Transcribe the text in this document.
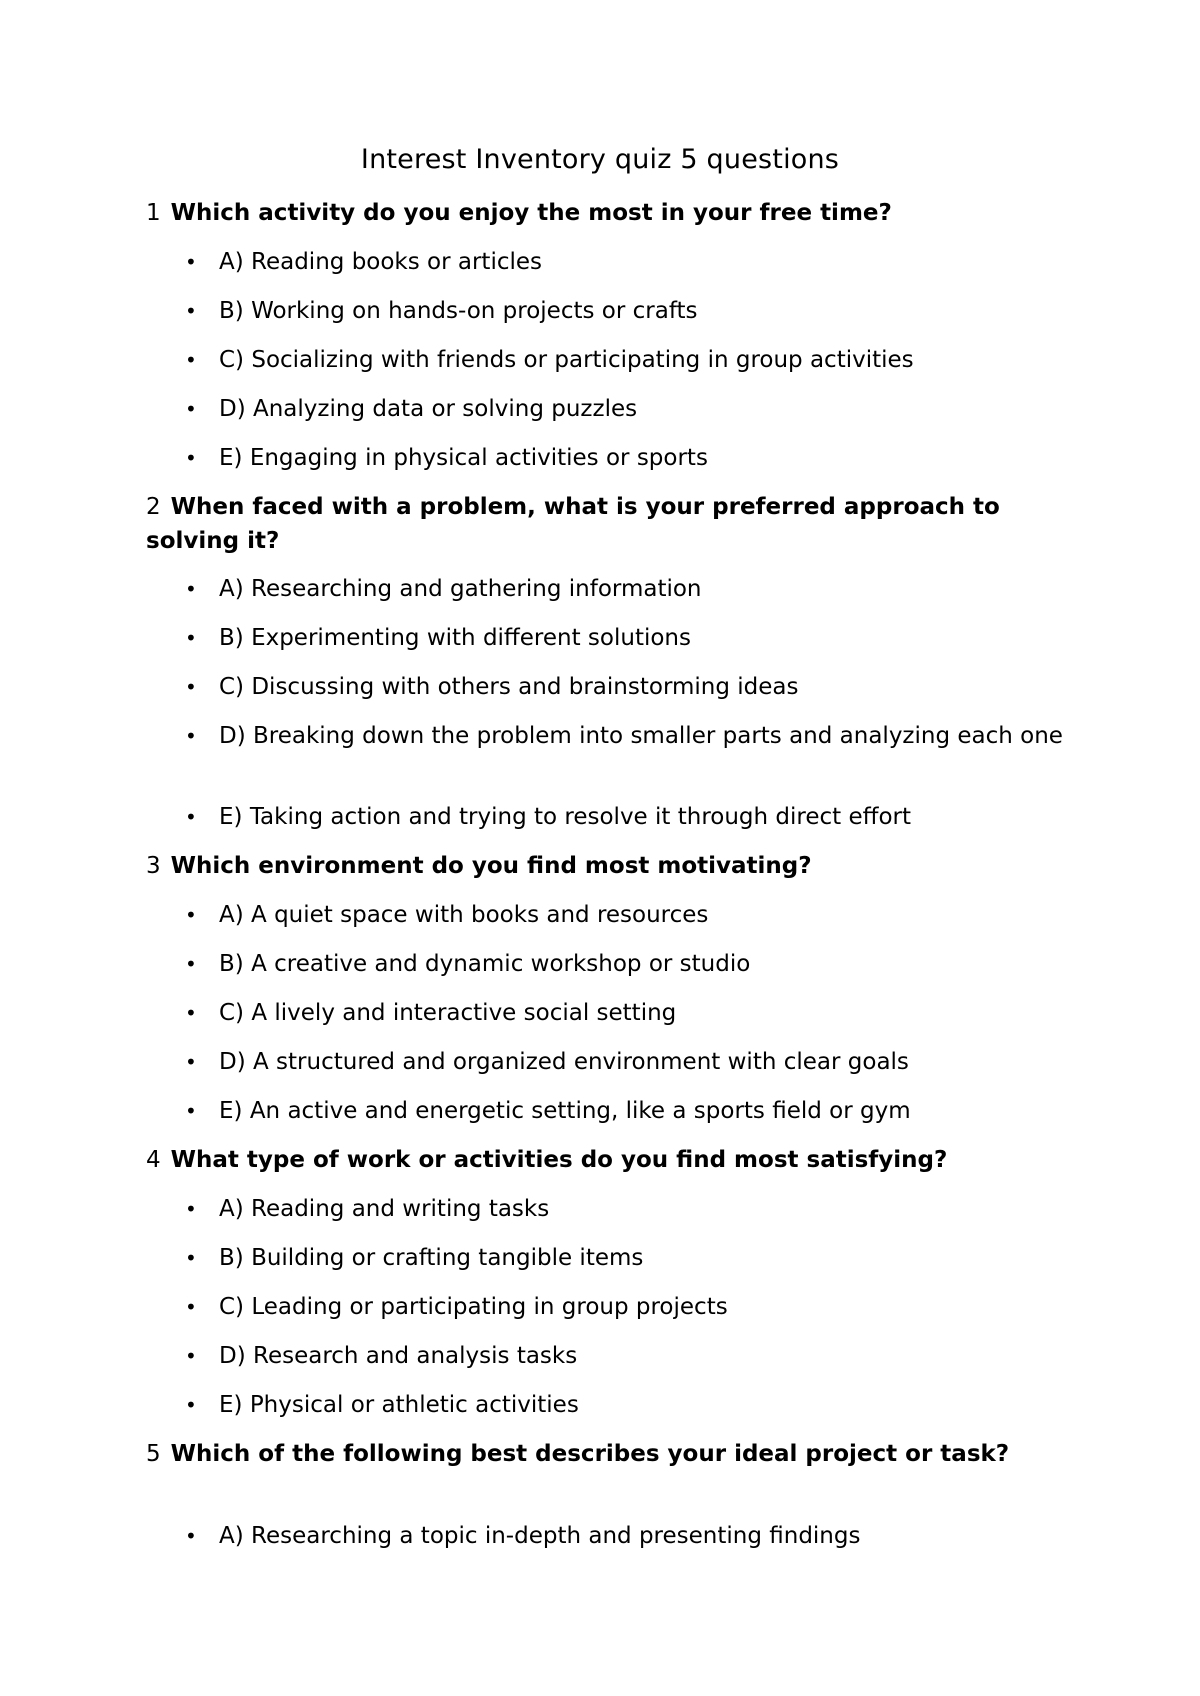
Interest Inventory quiz 5 questions

1 Which activity do you enjoy the most in your free time?

• A) Reading books or articles

• B) Working on hands-on projects or crafts

• C) Socializing with friends or participating in group activities

• D) Analyzing data or solving puzzles

• E) Engaging in physical activities or sports

2 When faced with a problem, what is your preferred approach to solving it?

• A) Researching and gathering information

• B) Experimenting with different solutions

• C) Discussing with others and brainstorming ideas

• D) Breaking down the problem into smaller parts and analyzing each one

• E) Taking action and trying to resolve it through direct effort

3 Which environment do you find most motivating?

• A) A quiet space with books and resources

• B) A creative and dynamic workshop or studio

• C) A lively and interactive social setting

• D) A structured and organized environment with clear goals

• E) An active and energetic setting, like a sports field or gym

4 What type of work or activities do you find most satisfying?

• A) Reading and writing tasks

• B) Building or crafting tangible items

• C) Leading or participating in group projects

• D) Research and analysis tasks

• E) Physical or athletic activities

5 Which of the following best describes your ideal project or task?

• A) Researching a topic in-depth and presenting findings
